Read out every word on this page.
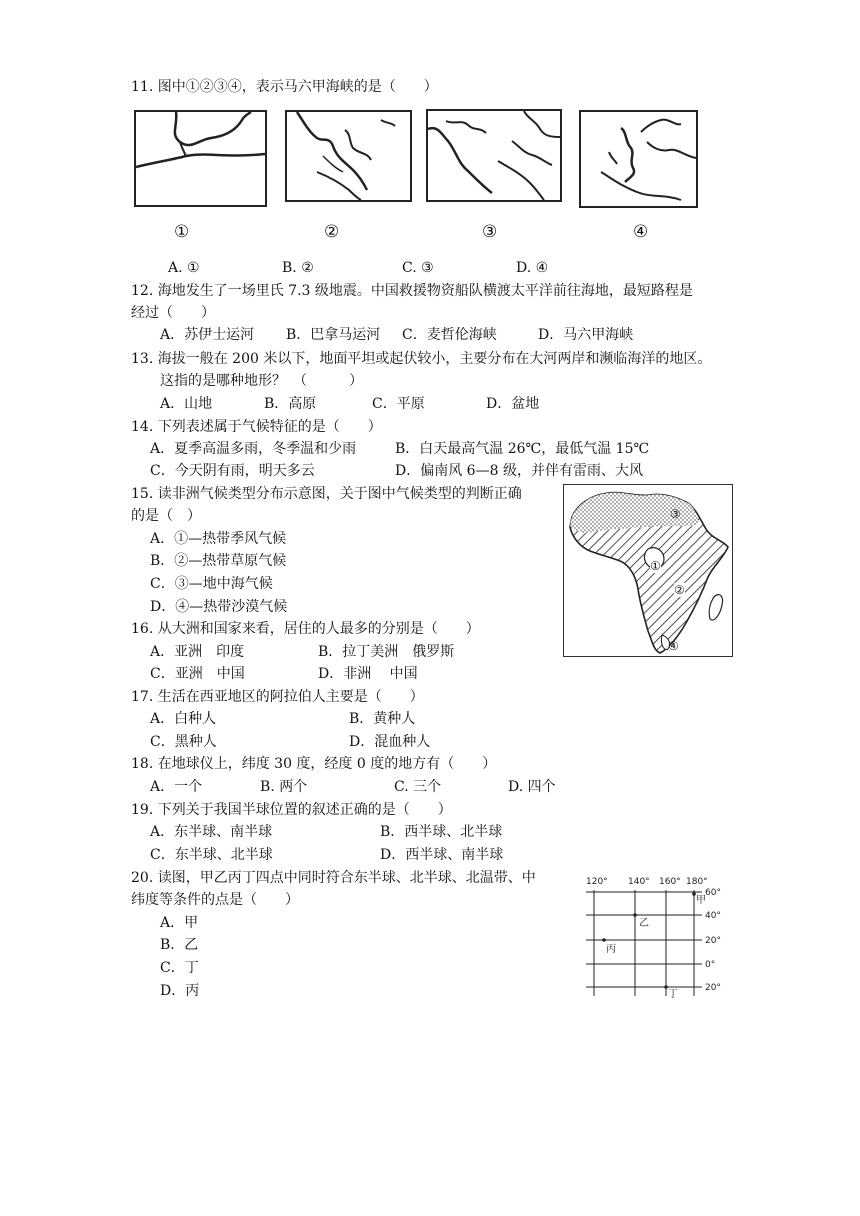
11. 图中①②③④，表示马六甲海峡的是（　　）
①	②	③	④
A. ①	B. ②	C. ③	D. ④
12. 海地发生了一场里氏 7.3 级地震。中国救援物资船队横渡太平洋前往海地，最短路程是
经过（　　）
A．苏伊士运河 B．巴拿马运河 C．麦哲伦海峡	D．马六甲海峡
13. 海拔一般在 200 米以下，地面平坦或起伏较小，主要分布在大河两岸和濒临海洋的地区。
这指的是哪种地形？　（　　　）
A．山地	B．高原	C．平原	D．盆地
14. 下列表述属于气候特征的是（　　）
A．夏季高温多雨，冬季温和少雨	B．白天最高气温 26℃，最低气温 15℃
C．今天阴有雨，明天多云	D．偏南风 6—8 级，并伴有雷雨、大风
15. 读非洲气候类型分布示意图，关于图中气候类型的判断正确
的是（　）
A．①—热带季风气候
B．②—热带草原气候
C．③—地中海气候
D．④—热带沙漠气候
③
①
②
④
16. 从大洲和国家来看，居住的人最多的分别是（　　）
A．亚洲　印度	B．拉丁美洲　俄罗斯
C．亚洲　中国	D．非洲　 中国
17. 生活在西亚地区的阿拉伯人主要是（　　）
A．白种人	B．黄种人
C．黑种人	D．混血种人
18. 在地球仪上，纬度 30 度，经度 0 度的地方有（　　）
A．一个	B. 两个	C. 三个	D. 四个
19. 下列关于我国半球位置的叙述正确的是（　　）
A．东半球、南半球	B．西半球、北半球
C．东半球、北半球	D．西半球、南半球
20. 读图，甲乙丙丁四点中同时符合东半球、北半球、北温带、中
纬度等条件的点是（　　）
A．甲
B．乙
C．丁
D．丙
120° 140° 160° 180°
60°
40°
20°
0°
20°
甲
乙
丙
丁
